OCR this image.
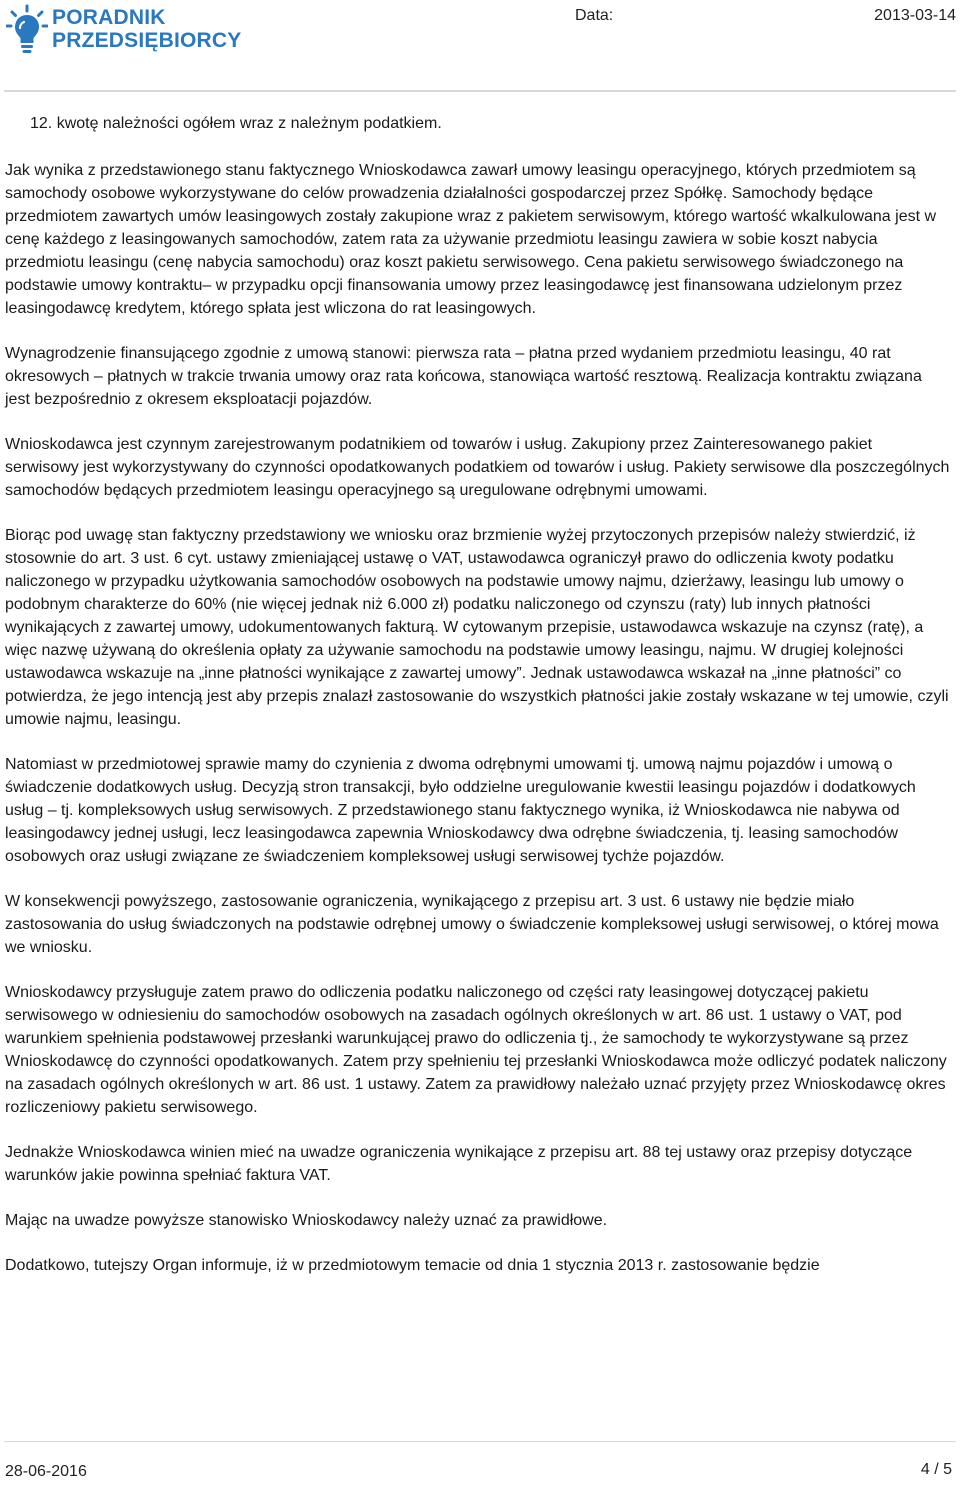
PORADNIK
PRZEDSIĘBIORCY
Data:	2013-03-14

12. kwotę należności ogółem wraz z należnym podatkiem.

Jak wynika z przedstawionego stanu faktycznego Wnioskodawca zawarł umowy leasingu operacyjnego, których przedmiotem są samochody osobowe wykorzystywane do celów prowadzenia działalności gospodarczej przez Spółkę. Samochody będące przedmiotem zawartych umów leasingowych zostały zakupione wraz z pakietem serwisowym, którego wartość wkalkulowana jest w cenę każdego z leasingowanych samochodów, zatem rata za używanie przedmiotu leasingu zawiera w sobie koszt nabycia przedmiotu leasingu (cenę nabycia samochodu) oraz koszt pakietu serwisowego. Cena pakietu serwisowego świadczonego na podstawie umowy kontraktu– w przypadku opcji finansowania umowy przez leasingodawcę jest finansowana udzielonym przez leasingodawcę kredytem, którego spłata jest wliczona do rat leasingowych.

Wynagrodzenie finansującego zgodnie z umową stanowi: pierwsza rata – płatna przed wydaniem przedmiotu leasingu, 40 rat okresowych – płatnych w trakcie trwania umowy oraz rata końcowa, stanowiąca wartość resztową. Realizacja kontraktu związana jest bezpośrednio z okresem eksploatacji pojazdów.

Wnioskodawca jest czynnym zarejestrowanym podatnikiem od towarów i usług. Zakupiony przez Zainteresowanego pakiet serwisowy jest wykorzystywany do czynności opodatkowanych podatkiem od towarów i usług. Pakiety serwisowe dla poszczególnych samochodów będących przedmiotem leasingu operacyjnego są uregulowane odrębnymi umowami.

Biorąc pod uwagę stan faktyczny przedstawiony we wniosku oraz brzmienie wyżej przytoczonych przepisów należy stwierdzić, iż stosownie do art. 3 ust. 6 cyt. ustawy zmieniającej ustawę o VAT, ustawodawca ograniczył prawo do odliczenia kwoty podatku naliczonego w przypadku użytkowania samochodów osobowych na podstawie umowy najmu, dzierżawy, leasingu lub umowy o podobnym charakterze do 60% (nie więcej jednak niż 6.000 zł) podatku naliczonego od czynszu (raty) lub innych płatności wynikających z zawartej umowy, udokumentowanych fakturą. W cytowanym przepisie, ustawodawca wskazuje na czynsz (ratę), a więc nazwę używaną do określenia opłaty za używanie samochodu na podstawie umowy leasingu, najmu. W drugiej kolejności ustawodawca wskazuje na „inne płatności wynikające z zawartej umowy”. Jednak ustawodawca wskazał na „inne płatności” co potwierdza, że jego intencją jest aby przepis znalazł zastosowanie do wszystkich płatności jakie zostały wskazane w tej umowie, czyli umowie najmu, leasingu.

Natomiast w przedmiotowej sprawie mamy do czynienia z dwoma odrębnymi umowami tj. umową najmu pojazdów i umową o świadczenie dodatkowych usług. Decyzją stron transakcji, było oddzielne uregulowanie kwestii leasingu pojazdów i dodatkowych usług – tj. kompleksowych usług serwisowych. Z przedstawionego stanu faktycznego wynika, iż Wnioskodawca nie nabywa od leasingodawcy jednej usługi, lecz leasingodawca zapewnia Wnioskodawcy dwa odrębne świadczenia, tj. leasing samochodów osobowych oraz usługi związane ze świadczeniem kompleksowej usługi serwisowej tychże pojazdów.

W konsekwencji powyższego, zastosowanie ograniczenia, wynikającego z przepisu art. 3 ust. 6 ustawy nie będzie miało zastosowania do usług świadczonych na podstawie odrębnej umowy o świadczenie kompleksowej usługi serwisowej, o której mowa we wniosku.

Wnioskodawcy przysługuje zatem prawo do odliczenia podatku naliczonego od części raty leasingowej dotyczącej pakietu serwisowego w odniesieniu do samochodów osobowych na zasadach ogólnych określonych w art. 86 ust. 1 ustawy o VAT, pod warunkiem spełnienia podstawowej przesłanki warunkującej prawo do odliczenia tj., że samochody te wykorzystywane są przez Wnioskodawcę do czynności opodatkowanych. Zatem przy spełnieniu tej przesłanki Wnioskodawca może odliczyć podatek naliczony na zasadach ogólnych określonych w art. 86 ust. 1 ustawy. Zatem za prawidłowy należało uznać przyjęty przez Wnioskodawcę okres rozliczeniowy pakietu serwisowego.

Jednakże Wnioskodawca winien mieć na uwadze ograniczenia wynikające z przepisu art. 88 tej ustawy oraz przepisy dotyczące warunków jakie powinna spełniać faktura VAT.

Mając na uwadze powyższe stanowisko Wnioskodawcy należy uznać za prawidłowe.

Dodatkowo, tutejszy Organ informuje, iż w przedmiotowym temacie od dnia 1 stycznia 2013 r. zastosowanie będzie

28-06-2016	4 / 5
